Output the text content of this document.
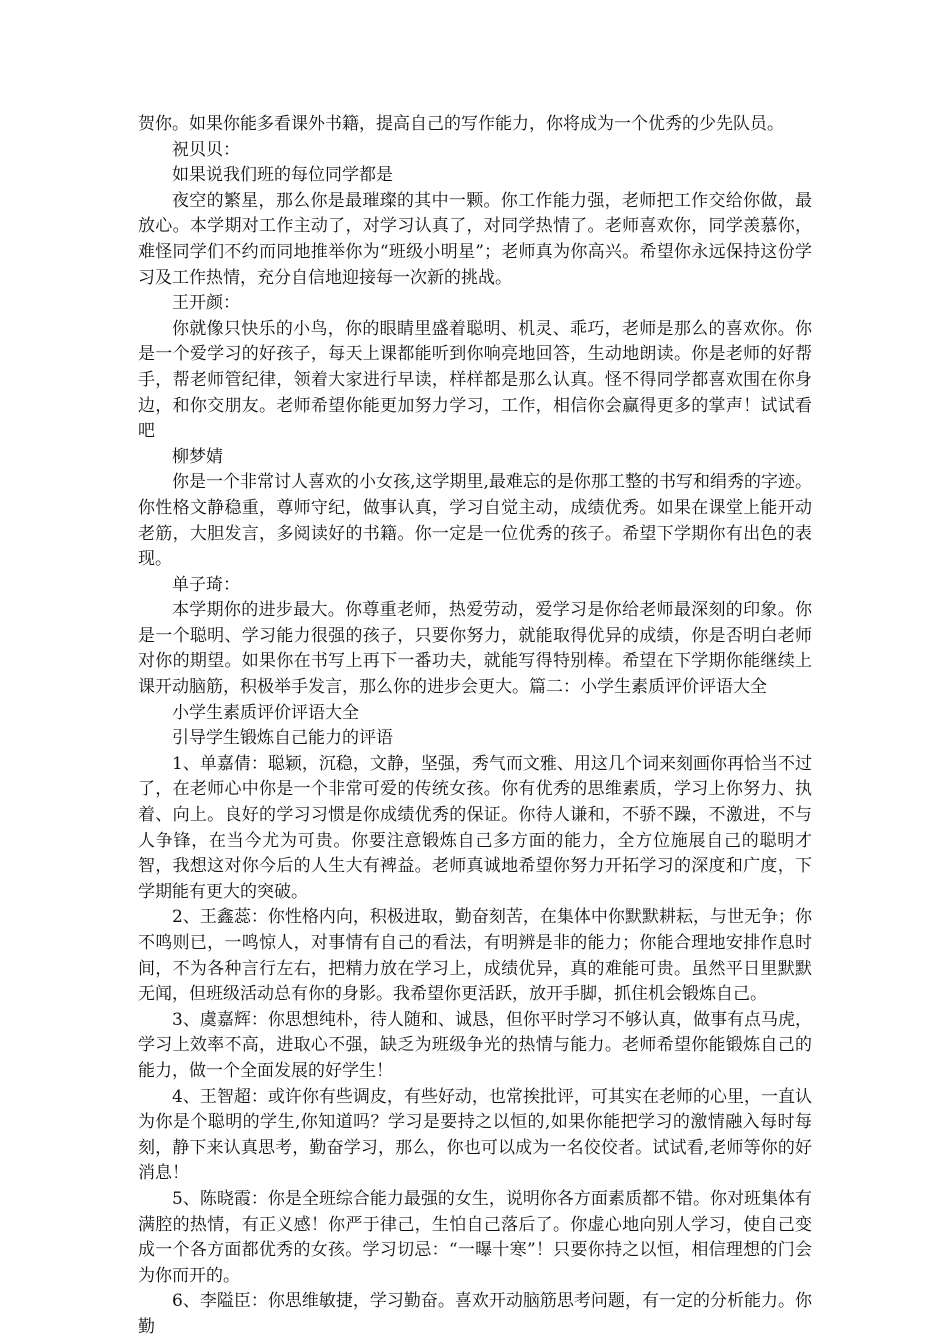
贺你。如果你能多看课外书籍，提高自己的写作能力，你将成为一个优秀的少先队员。

祝贝贝：

如果说我们班的每位同学都是

夜空的繁星，那么你是最璀璨的其中一颗。你工作能力强，老师把工作交给你做，最放心。本学期对工作主动了，对学习认真了，对同学热情了。老师喜欢你，同学羡慕你，难怪同学们不约而同地推举你为“班级小明星”；老师真为你高兴。希望你永远保持这份学习及工作热情，充分自信地迎接每一次新的挑战。

王开颜：

你就像只快乐的小鸟，你的眼睛里盛着聪明、机灵、乖巧，老师是那么的喜欢你。你是一个爱学习的好孩子，每天上课都能听到你响亮地回答，生动地朗读。你是老师的好帮手，帮老师管纪律，领着大家进行早读，样样都是那么认真。怪不得同学都喜欢围在你身边，和你交朋友。老师希望你能更加努力学习，工作，相信你会赢得更多的掌声！试试看吧

柳梦婧

你是一个非常讨人喜欢的小女孩,这学期里,最难忘的是你那工整的书写和绢秀的字迹。你性格文静稳重，尊师守纪，做事认真，学习自觉主动，成绩优秀。如果在课堂上能开动老筋，大胆发言，多阅读好的书籍。你一定是一位优秀的孩子。希望下学期你有出色的表现。

单子琦：

本学期你的进步最大。你尊重老师，热爱劳动，爱学习是你给老师最深刻的印象。你是一个聪明、学习能力很强的孩子，只要你努力，就能取得优异的成绩，你是否明白老师对你的期望。如果你在书写上再下一番功夫，就能写得特别棒。希望在下学期你能继续上课开动脑筋，积极举手发言，那么你的进步会更大。篇二：小学生素质评价评语大全

小学生素质评价评语大全

引导学生锻炼自己能力的评语

1、单嘉倩：聪颖，沉稳，文静，坚强，秀气而文雅、用这几个词来刻画你再恰当不过了，在老师心中你是一个非常可爱的传统女孩。你有优秀的思维素质，学习上你努力、执着、向上。良好的学习习惯是你成绩优秀的保证。你待人谦和，不骄不躁，不激进，不与人争锋，在当今尤为可贵。你要注意锻炼自己多方面的能力，全方位施展自己的聪明才智，我想这对你今后的人生大有裨益。老师真诚地希望你努力开拓学习的深度和广度，下学期能有更大的突破。

2、王鑫蕊：你性格内向，积极进取，勤奋刻苦，在集体中你默默耕耘，与世无争；你不鸣则已，一鸣惊人，对事情有自己的看法，有明辨是非的能力；你能合理地安排作息时间，不为各种言行左右，把精力放在学习上，成绩优异，真的难能可贵。虽然平日里默默无闻，但班级活动总有你的身影。我希望你更活跃，放开手脚，抓住机会锻炼自己。

3、虞嘉辉：你思想纯朴，待人随和、诚恳，但你平时学习不够认真，做事有点马虎，学习上效率不高，进取心不强，缺乏为班级争光的热情与能力。老师希望你能锻炼自己的能力，做一个全面发展的好学生！

4、王智超：或许你有些调皮，有些好动，也常挨批评，可其实在老师的心里，一直认为你是个聪明的学生,你知道吗？学习是要持之以恒的,如果你能把学习的激情融入每时每刻，静下来认真思考，勤奋学习，那么，你也可以成为一名佼佼者。试试看,老师等你的好消息！

5、陈晓霞：你是全班综合能力最强的女生，说明你各方面素质都不错。你对班集体有满腔的热情，有正义感！你严于律己，生怕自己落后了。你虚心地向别人学习，使自己变成一个各方面都优秀的女孩。学习切忌：“一曝十寒”！只要你持之以恒，相信理想的门会为你而开的。

6、李隘臣：你思维敏捷，学习勤奋。喜欢开动脑筋思考问题，有一定的分析能力。你勤
